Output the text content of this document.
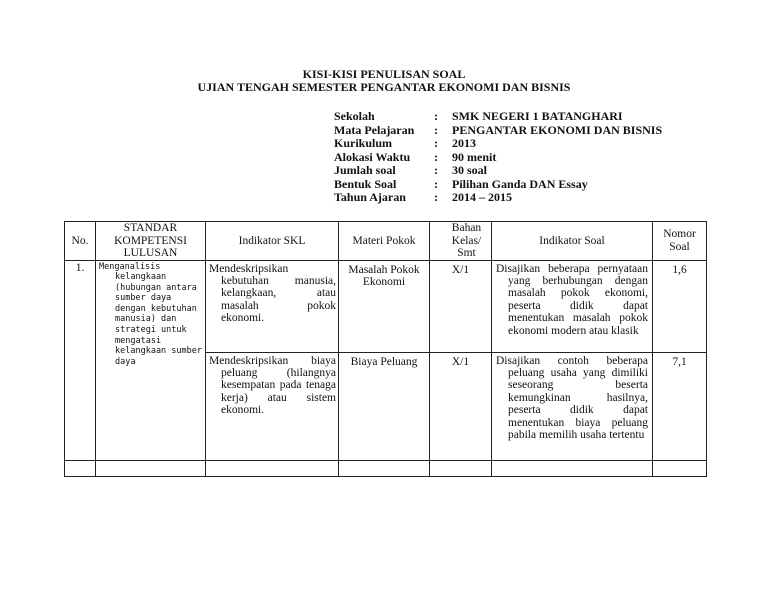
KISI-KISI PENULISAN SOAL
UJIAN TENGAH SEMESTER PENGANTAR EKONOMI DAN BISNIS
Sekolah	:	SMK NEGERI 1 BATANGHARI
Mata Pelajaran	:	PENGANTAR EKONOMI DAN BISNIS
Kurikulum	:	2013
Alokasi Waktu	:	90 menit
Jumlah soal	:	30 soal
Bentuk Soal	:	Pilihan Ganda DAN Essay
Tahun Ajaran	:	2014 – 2015
No.	STANDAR KOMPETENSI LULUSAN	Indikator SKL	Materi Pokok	Bahan Kelas/ Smt	Indikator Soal	Nomor Soal
1.	Menganalisis kelangkaan (hubungan antara sumber daya dengan kebutuhan manusia) dan strategi untuk mengatasi kelangkaan sumber daya	Mendeskripsikan kebutuhan manusia, kelangkaan, atau masalah pokok ekonomi.	Masalah Pokok Ekonomi	X/1	Disajikan beberapa pernyataan yang berhubungan dengan masalah pokok ekonomi, peserta didik dapat menentukan masalah pokok ekonomi modern atau klasik	1,6

		Mendeskripsikan biaya peluang (hilangnya kesempatan pada tenaga kerja) atau sistem ekonomi.	Biaya Peluang	X/1	Disajikan contoh beberapa peluang usaha yang dimiliki seseorang beserta kemungkinan hasilnya, peserta didik dapat menentukan biaya peluang pabila memilih usaha tertentu	7,1
